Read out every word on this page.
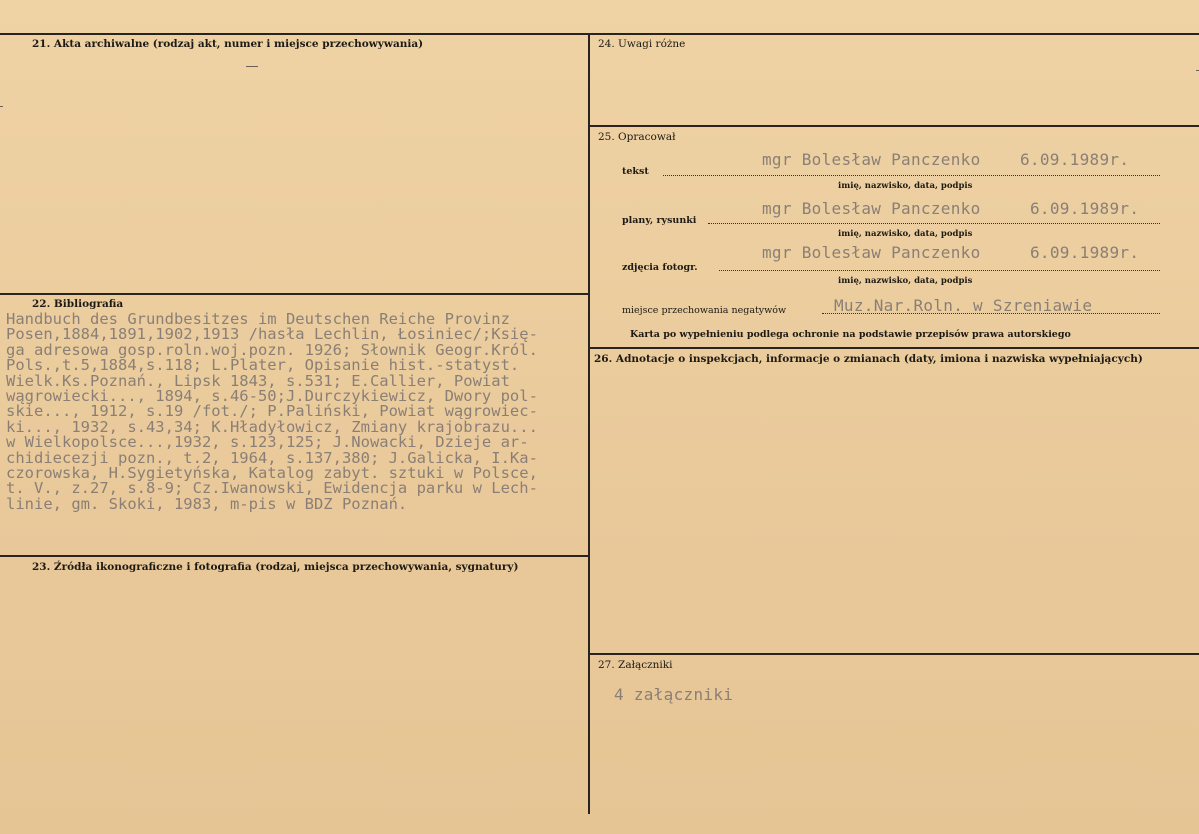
21. Akta archiwalne (rodzaj akt, numer i miejsce przechowywania)
22. Bibliografia
Handbuch des Grundbesitzes im Deutschen Reiche Provinz
Posen,1884,1891,1902,1913 /hasła Lechlin, Łosiniec/;Księ-
ga adresowa gosp.roln.woj.pozn. 1926; Słownik Geogr.Król.
Pols.,t.5,1884,s.118; L.Plater, Opisanie hist.-statyst.
Wielk.Ks.Poznań., Lipsk 1843, s.531; E.Callier, Powiat
wągrowiecki..., 1894, s.46-50;J.Durczykiewicz, Dwory pol-
skie..., 1912, s.19 /fot./; P.Paliński, Powiat wągrowiec-
ki..., 1932, s.43,34; K.Hładyłowicz, Zmiany krajobrazu...
w Wielkopolsce...,1932, s.123,125; J.Nowacki, Dzieje ar-
chidiecezji pozn., t.2, 1964, s.137,380; J.Galicka, I.Ka-
czorowska, H.Sygietyńska, Katalog zabyt. sztuki w Polsce,
t. V., z.27, s.8-9; Cz.Iwanowski, Ewidencja parku w Lech-
linie, gm. Skoki, 1983, m-pis w BDZ Poznań.
23. Źródła ikonograficzne i fotografia (rodzaj, miejsca przechowywania, sygnatury)
24. Uwagi różne
25. Opracował
tekst
mgr Bolesław Panczenko 6.09.1989r.
imię, nazwisko, data, podpis
plany, rysunki
mgr Bolesław Panczenko	6.09.1989r.
imię, nazwisko, data, podpis
zdjęcia fotogr.
mgr Bolesław Panczenko	6.09.1989r.
imię, nazwisko, data, podpis
miejsce przechowania negatywów	Muz.Nar.Roln. w Szreniawie
Karta po wypełnieniu podlega ochronie na podstawie przepisów prawa autorskiego
26. Adnotacje o inspekcjach, informacje o zmianach (daty, imiona i nazwiska wypełniających)
27. Załączniki
4 załączniki
